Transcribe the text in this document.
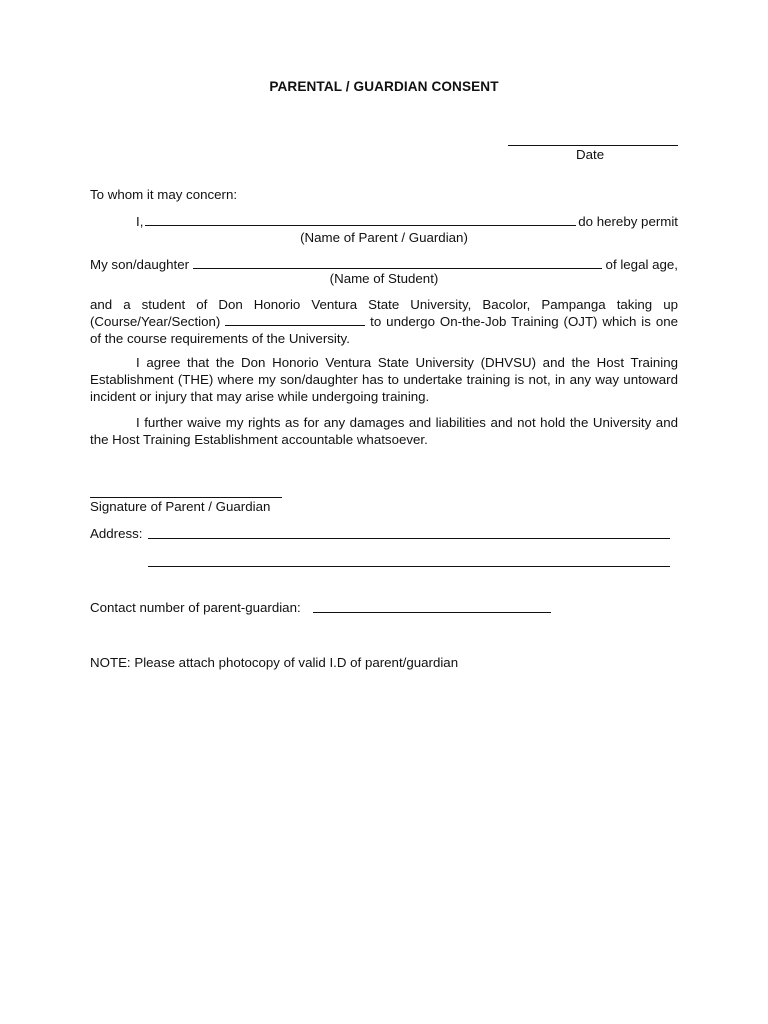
PARENTAL / GUARDIAN CONSENT
Date
To whom it may concern:
I,	do hereby permit
(Name of Parent / Guardian)
My son/daughter	of legal age,
(Name of Student)
and a student of Don Honorio Ventura State University, Bacolor, Pampanga taking up (Course/Year/Section)	to undergo On-the-Job Training (OJT) which is one of the course requirements of the University.
I agree that the Don Honorio Ventura State University (DHVSU) and the Host Training Establishment (THE) where my son/daughter has to undertake training is not, in any way untoward incident or injury that may arise while undergoing training.
I further waive my rights as for any damages and liabilities and not hold the University and the Host Training Establishment accountable whatsoever.
Signature of Parent / Guardian
Address:
Contact number of parent-guardian:
NOTE: Please attach photocopy of valid I.D of parent/guardian
